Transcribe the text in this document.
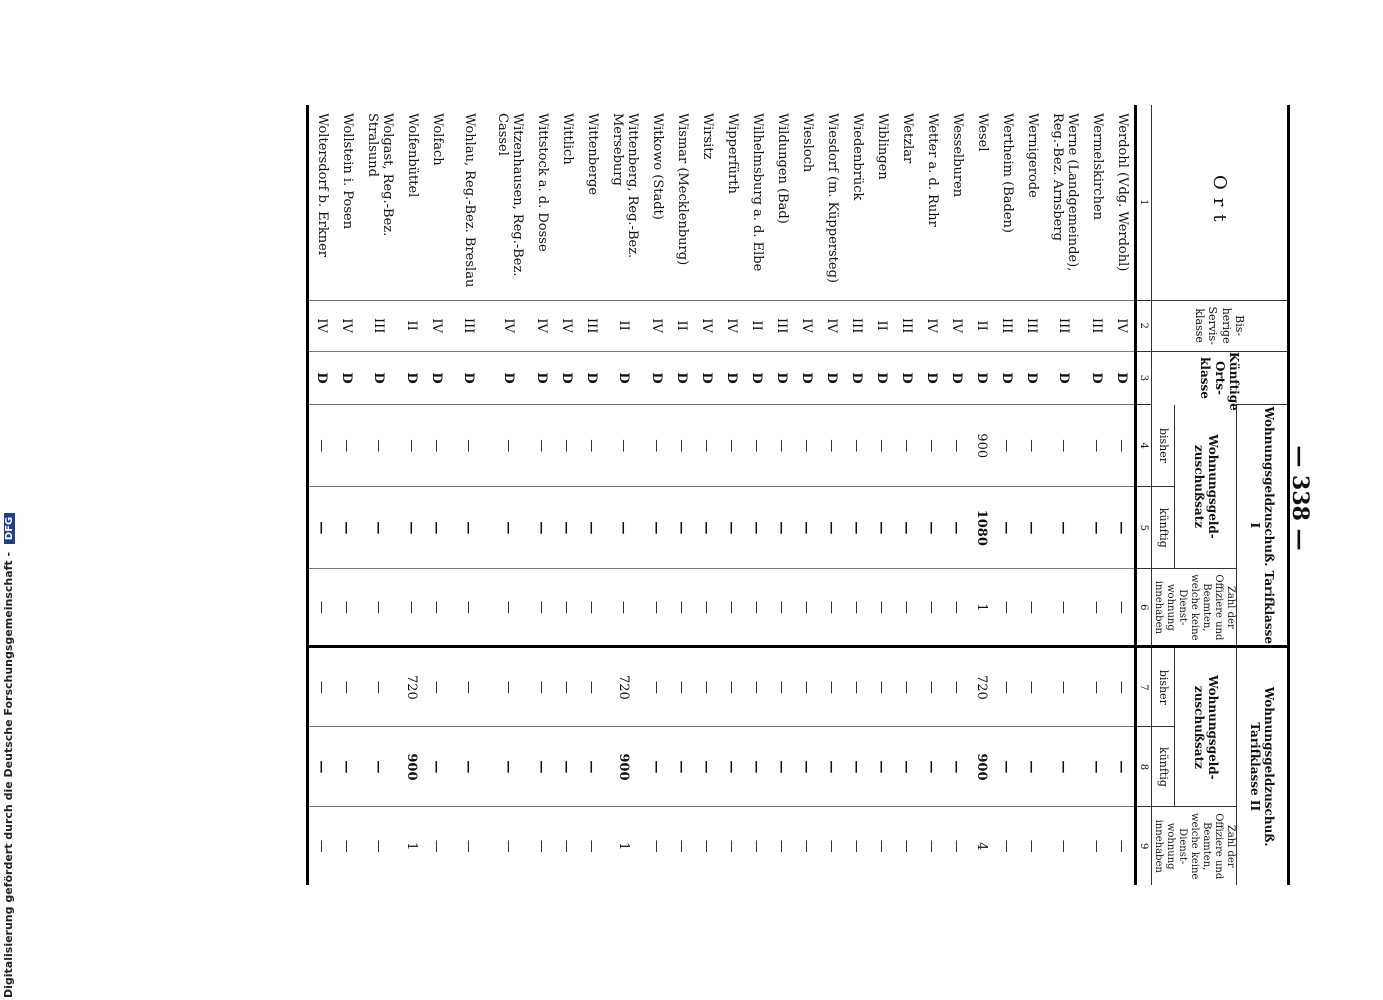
— 338 —
Digitalisierung gefördert durch die Deutsche Forschungsgemeinschaft - DFG
Ort	Bis-herige Servis-klasse	Künftige Orts-klasse	Wohnungsgeldzuschuß. Tarifklasse I			Wohnungsgeldzuschuß. Tarifklasse II		
			Wohnungsgeld-zuschußsatz		Zahl der Offiziere und Beamten, welche keine Dienst-wohnung innehaben	Wohnungsgeld-zuschußsatz		Zahl der Offiziere und Beamten, welche keine Dienst-wohnung innehaben
			bisher	künftig		bisher	künftig	
1	2	3	4	5	6	7	8	9
Werdohl (Vdg. Werdohl)	IV	D	—	—	—	—	—	—
Wermelskirchen	III	D	—	—	—	—	—	—
Werne (Landgemeinde), Reg.-Bez. Arnsberg	III	D	—	—	—	—	—	—
Wernigerode	III	D	—	—	—	—	—	—
Wertheim (Baden)	III	D	—	—	—	—	—	—
Wesel	II	D	900	1080	1	720	900	4
Wesselburen	IV	D	—	—	—	—	—	—
Wetter a. d. Ruhr	IV	D	—	—	—	—	—	—
Wetzlar	III	D	—	—	—	—	—	—
Wiblingen	II	D	—	—	—	—	—	—
Wiedenbrück	III	D	—	—	—	—	—	—
Wiesdorf (m. Küppersteg)	IV	D	—	—	—	—	—	—
Wiesloch	IV	D	—	—	—	—	—	—
Wildungen (Bad)	III	D	—	—	—	—	—	—
Wilhelmsburg a. d. Elbe	II	D	—	—	—	—	—	—
Wipperfürth	IV	D	—	—	—	—	—	—
Wirsitz	IV	D	—	—	—	—	—	—
Wismar (Mecklenburg)	II	D	—	—	—	—	—	—
Witkowo (Stadt)	IV	D	—	—	—	—	—	—
Wittenberg, Reg.-Bez. Merseburg	II	D	—	—	—	720	900	1
Wittenberge	III	D	—	—	—	—	—	—
Wittlich	IV	D	—	—	—	—	—	—
Wittstock a. d. Dosse	IV	D	—	—	—	—	—	—
Witzenhausen, Reg.-Bez. Cassel	IV	D	—	—	—	—	—	—
Wohlau, Reg.-Bez. Breslau	III	D	—	—	—	—	—	—
Wolfach	IV	D	—	—	—	—	—	—
Wolfenbüttel	II	D	—	—	—	720	900	1
Wolgast, Reg.-Bez. Stralsund	III	D	—	—	—	—	—	—
Wollstein i. Posen	IV	D	—	—	—	—	—	—
Woltersdorf b. Erkner	IV	D	—	—	—	—	—	—
